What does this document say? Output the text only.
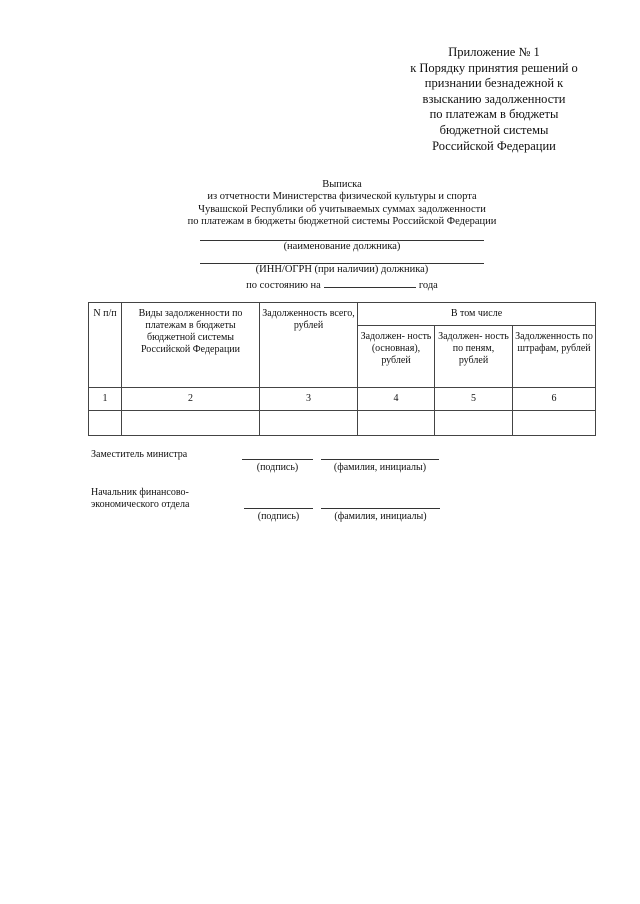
Приложение № 1
к Порядку принятия решений о
признании безнадежной к
взысканию задолженности
по платежам в бюджеты
бюджетной системы
Российской Федерации
Выписка
из отчетности Министерства физической культуры и спорта
Чувашской Республики об учитываемых суммах задолженности
по платежам в бюджеты бюджетной системы Российской Федерации
(наименование должника)
(ИНН/ОГРН (при наличии) должника)
по состоянию на	года
N п/п	Виды задолженности по платежам в бюджеты бюджетной системы Российской Федерации	Задолженность всего, рублей	В том числе		
			Задолжен- ность (основная), рублей	Задолжен- ность по пеням, рублей	Задолженность по штрафам, рублей
1	2	3	4	5	6

Заместитель министра
(подпись)	(фамилия, инициалы)
Начальник финансово-
экономического отдела
(подпись)	(фамилия, инициалы)
